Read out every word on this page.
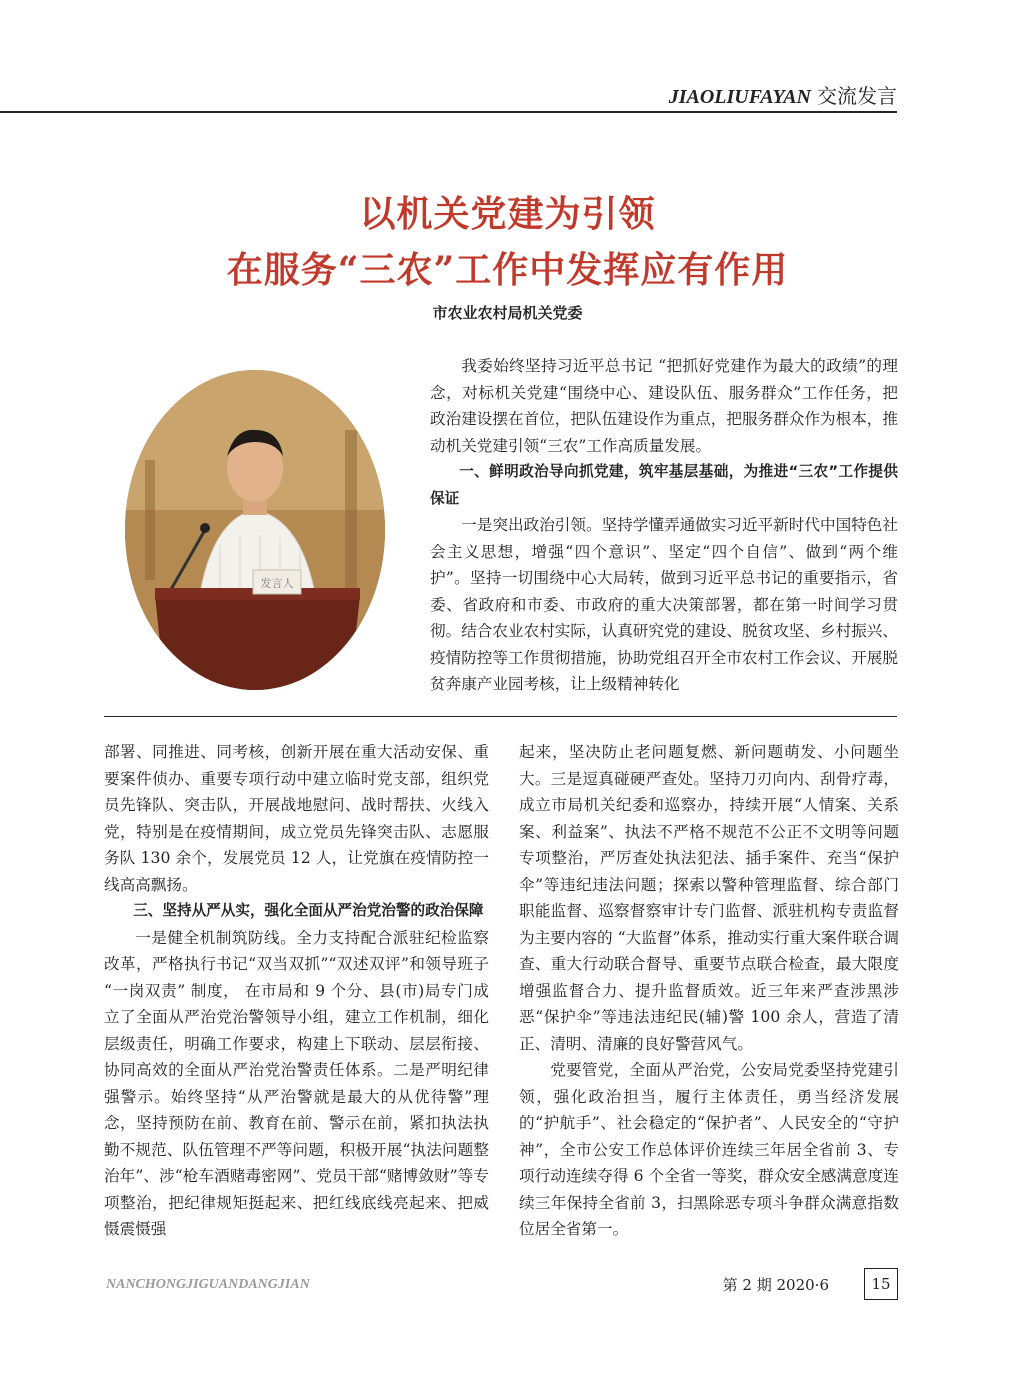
JIAOLIUFAYAN 交流发言
以机关党建为引领
在服务“三农”工作中发挥应有作用
市农业农村局机关党委
发言人

我委始终坚持习近平总书记 “把抓好党建作为最大的政绩”的理念，对标机关党建“围绕中心、建设队伍、服务群众”工作任务，把政治建设摆在首位，把队伍建设作为重点，把服务群众作为根本，推动机关党建引领“三农”工作高质量发展。

一、鲜明政治导向抓党建，筑牢基层基础，为推进“三农”工作提供保证

一是突出政治引领。坚持学懂弄通做实习近平新时代中国特色社会主义思想，增强“四个意识”、坚定“四个自信”、做到“两个维护”。坚持一切围绕中心大局转，做到习近平总书记的重要指示，省委、省政府和市委、市政府的重大决策部署，都在第一时间学习贯彻。结合农业农村实际，认真研究党的建设、脱贫攻坚、乡村振兴、疫情防控等工作贯彻措施，协助党组召开全市农村工作会议、开展脱贫奔康产业园考核，让上级精神转化

部署、同推进、同考核，创新开展在重大活动安保、重要案件侦办、重要专项行动中建立临时党支部，组织党员先锋队、突击队，开展战地慰问、战时帮扶、火线入党，特别是在疫情期间，成立党员先锋突击队、志愿服务队 130 余个，发展党员 12 人，让党旗在疫情防控一线高高飘扬。

三、坚持从严从实，强化全面从严治党治警的政治保障

一是健全机制筑防线。全力支持配合派驻纪检监察改革，严格执行书记“双当双抓”“双述双评”和领导班子 “一岗双责” 制度， 在市局和 9 个分、县(市)局专门成立了全面从严治党治警领导小组，建立工作机制，细化层级责任，明确工作要求，构建上下联动、层层衔接、协同高效的全面从严治党治警责任体系。二是严明纪律强警示。始终坚持“从严治警就是最大的从优待警”理念，坚持预防在前、教育在前、警示在前，紧扣执法执勤不规范、队伍管理不严等问题，积极开展“执法问题整治年”、涉“枪车酒赌毒密网”、党员干部“赌博敛财”等专项整治，把纪律规矩挺起来、把红线底线亮起来、把威慑震慑强

起来，坚决防止老问题复燃、新问题萌发、小问题坐大。三是逗真碰硬严查处。坚持刀刃向内、刮骨疗毒，成立市局机关纪委和巡察办，持续开展“人情案、关系案、利益案”、执法不严格不规范不公正不文明等问题专项整治，严厉查处执法犯法、插手案件、充当“保护伞”等违纪违法问题；探索以警种管理监督、综合部门职能监督、巡察督察审计专门监督、派驻机构专责监督为主要内容的 “大监督”体系，推动实行重大案件联合调查、重大行动联合督导、重要节点联合检查，最大限度增强监督合力、提升监督质效。近三年来严查涉黑涉恶“保护伞”等违法违纪民(辅)警 100 余人，营造了清正、清明、清廉的良好警营风气。

党要管党，全面从严治党，公安局党委坚持党建引领，强化政治担当，履行主体责任，勇当经济发展的“护航手”、社会稳定的“保护者”、人民安全的“守护神”，全市公安工作总体评价连续三年居全省前 3、专项行动连续夺得 6 个全省一等奖，群众安全感满意度连续三年保持全省前 3，扫黑除恶专项斗争群众满意指数位居全省第一。

NANCHONGJIGUANDANGJIAN	第 2 期 2020·6	15
